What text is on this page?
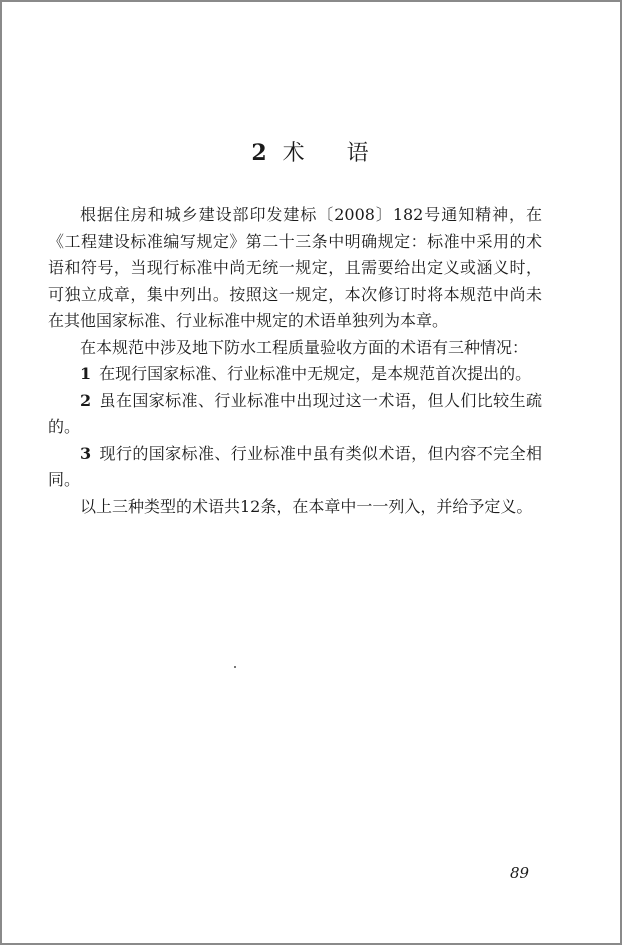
2 术 语

根据住房和城乡建设部印发建标〔2008〕182号通知精神，在《工程建设标准编写规定》第二十三条中明确规定：标准中采用的术语和符号，当现行标准中尚无统一规定，且需要给出定义或涵义时，可独立成章，集中列出。按照这一规定，本次修订时将本规范中尚未在其他国家标准、行业标准中规定的术语单独列为本章。

在本规范中涉及地下防水工程质量验收方面的术语有三种情况：

1 在现行国家标准、行业标准中无规定，是本规范首次提出的。

2 虽在国家标准、行业标准中出现过这一术语，但人们比较生疏的。

3 现行的国家标准、行业标准中虽有类似术语，但内容不完全相同。

以上三种类型的术语共12条，在本章中一一列入，并给予定义。

89
